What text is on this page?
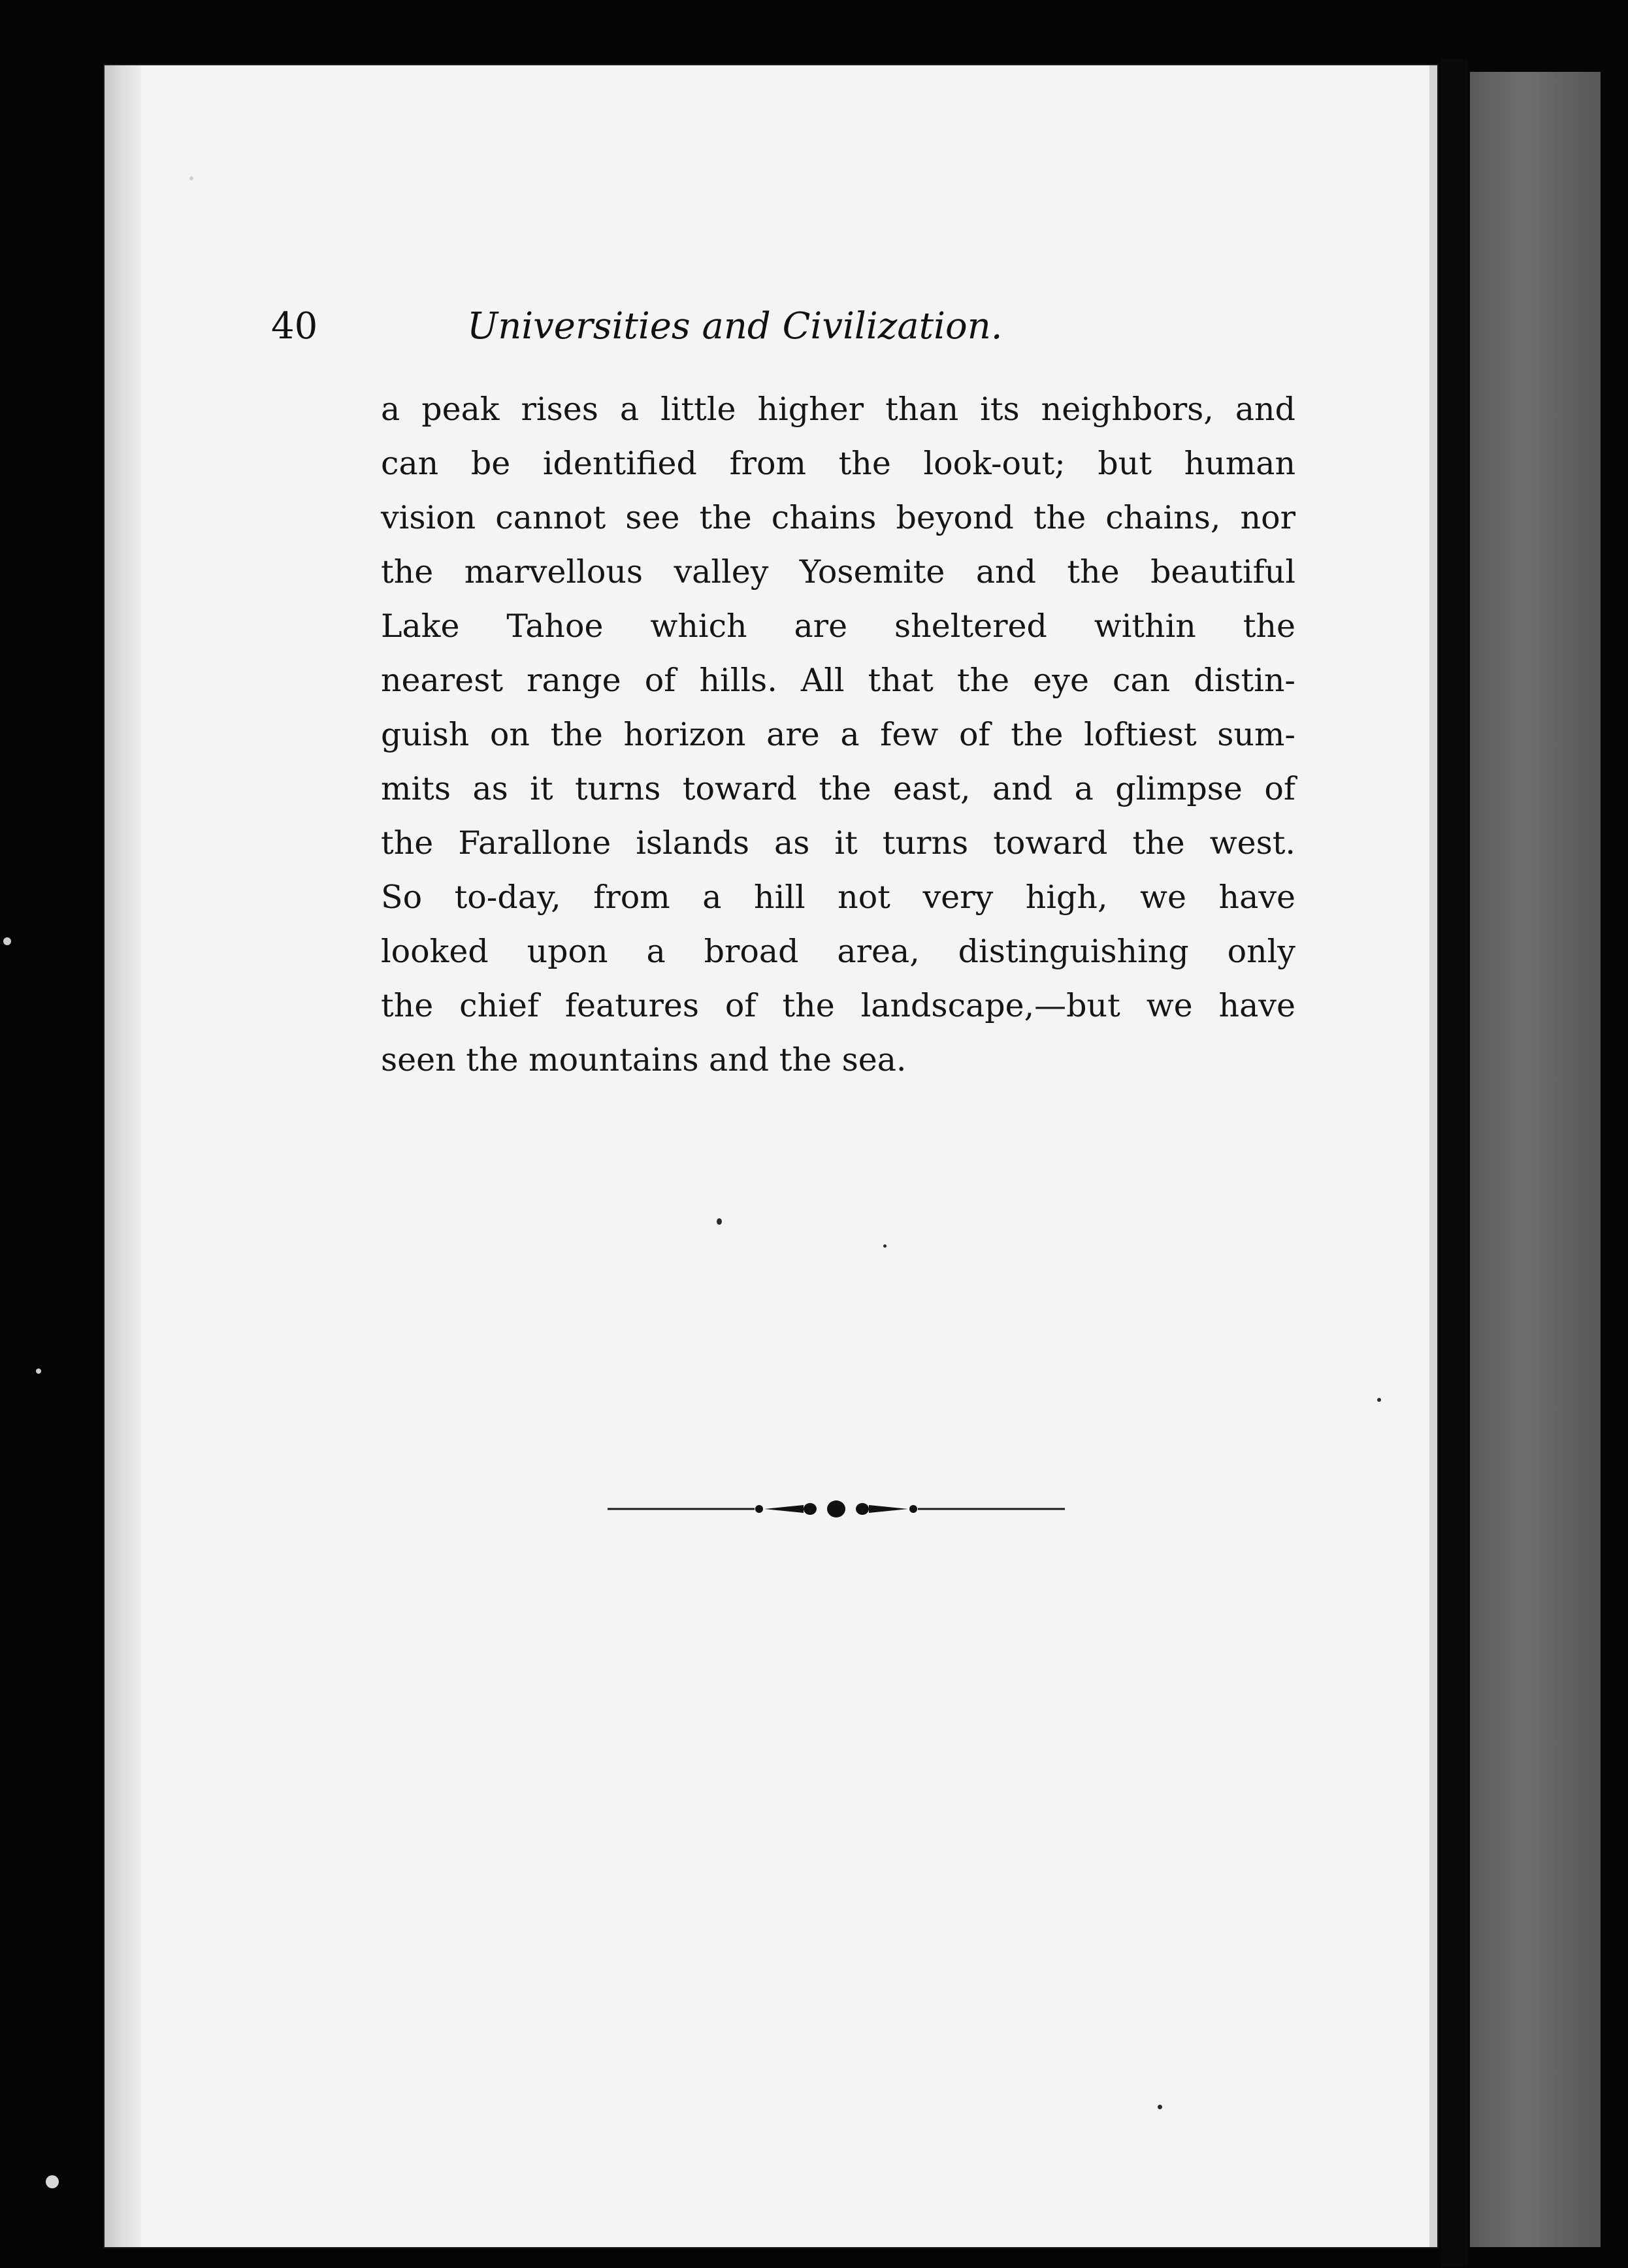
40	Universities and Civilization.
a peak rises a little higher than its neighbors, and
can be identified from the look-out; but human
vision cannot see the chains beyond the chains, nor
the marvellous valley Yosemite and the beautiful
Lake Tahoe which are sheltered within the
nearest range of hills. All that the eye can distin-
guish on the horizon are a few of the loftiest sum-
mits as it turns toward the east, and a glimpse of
the Farallone islands as it turns toward the west.
So to-day, from a hill not very high, we have
looked upon a broad area, distinguishing only
the chief features of the landscape,—but we have
seen the mountains and the sea.
